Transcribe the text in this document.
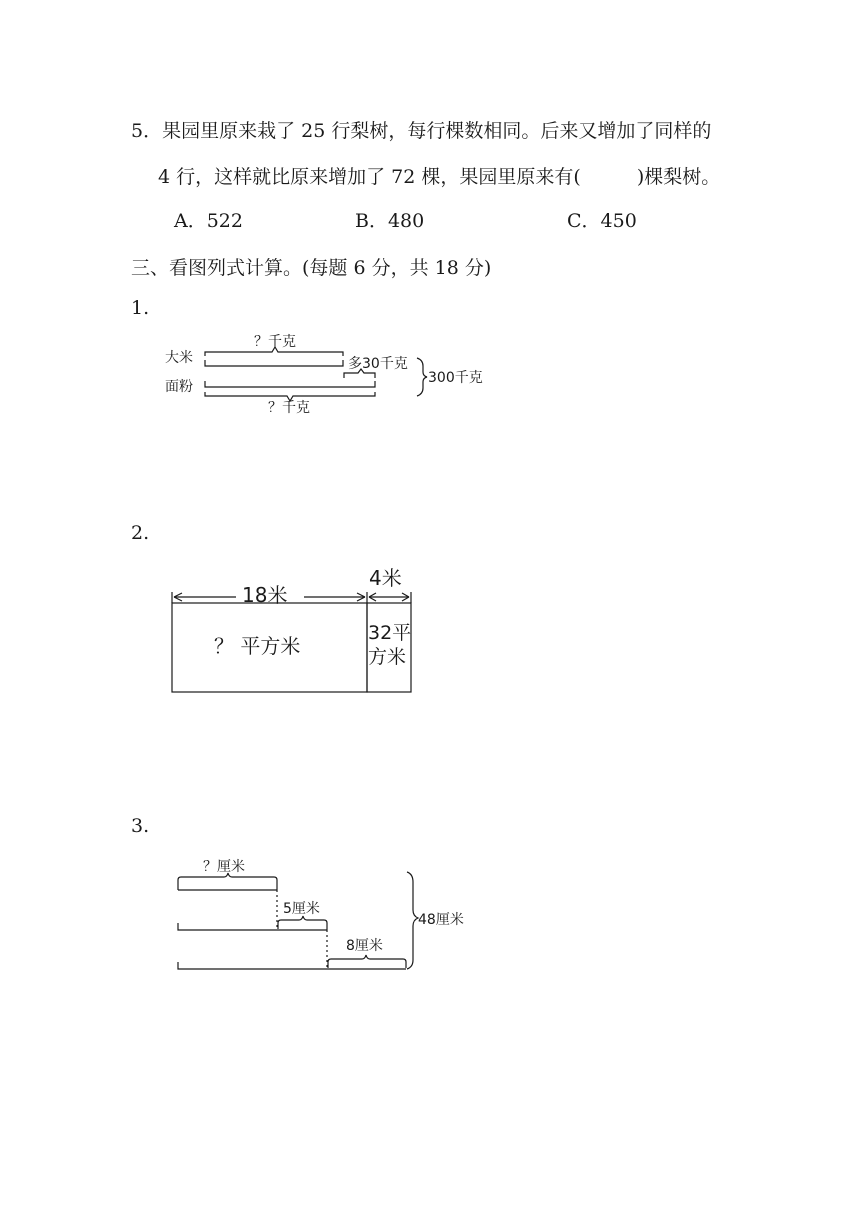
5．果园里原来栽了 25 行梨树，每行棵数相同。后来又增加了同样的
4 行，这样就比原来增加了 72 棵，果园里原来有(	)棵梨树。
A．522	B．480	C．450
三、看图列式计算。(每题 6 分，共 18 分)
1.
2.
3.
大米
面粉
？千克
多30千克
？千克
300千克
18米
4米
？ 平方米
32平
方米
？厘米
5厘米
8厘米
48厘米
